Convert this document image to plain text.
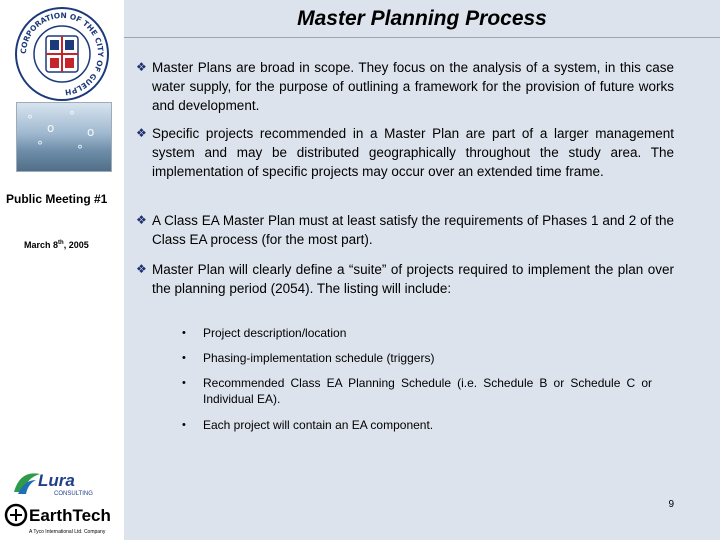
CORPORATION OF THE CITY OF GUELPH
°
o
°
o
°	°
Public Meeting #1
March 8th, 2005
Lura
CONSULTING
EarthTech
A Tyco International Ltd. Company
Master Planning Process
❖ Master Plans are broad in scope. They focus on the analysis of a system, in this case water supply, for the purpose of outlining a framework for the provision of future works and development.
❖ Specific projects recommended in a Master Plan are part of a larger management system and may be distributed geographically throughout the study area. The implementation of specific projects may occur over an extended time frame.
❖ A Class EA Master Plan must at least satisfy the requirements of Phases 1 and 2 of the Class EA process (for the most part).
❖ Master Plan will clearly define a “suite” of projects required to implement the plan over the planning period (2054). The listing will include:
• Project description/location
• Phasing-implementation schedule (triggers)
• Recommended Class EA Planning Schedule (i.e. Schedule B or Schedule C or Individual EA).
• Each project will contain an EA component.
9
